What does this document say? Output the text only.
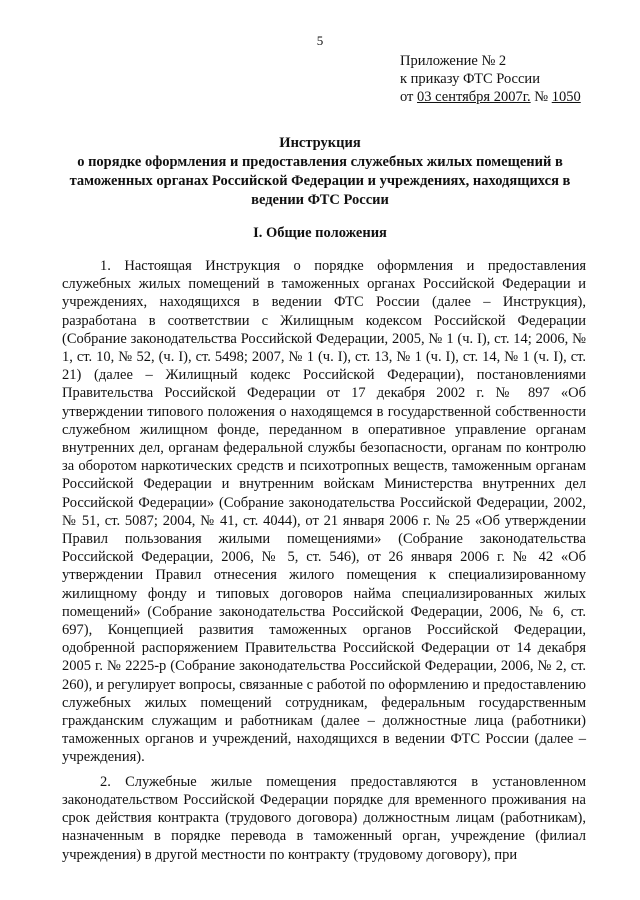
5
Приложение № 2
к приказу ФТС России
от 03 сентября 2007г. № 1050
Инструкция
о порядке оформления и предоставления служебных жилых помещений в таможенных органах Российской Федерации и учреждениях, находящихся в ведении ФТС России
I. Общие положения

1. Настоящая Инструкция о порядке оформления и предоставления служебных жилых помещений в таможенных органах Российской Федерации и учреждениях, находящихся в ведении ФТС России (далее – Инструкция), разработана в соответствии с Жилищным кодексом Российской Федерации (Собрание законодательства Российской Федерации, 2005, № 1 (ч. I), ст. 14; 2006, № 1, ст. 10, № 52, (ч. I), ст. 5498; 2007, № 1 (ч. I), ст. 13, № 1 (ч. I), ст. 14, № 1 (ч. I), ст. 21) (далее – Жилищный кодекс Российской Федерации), постановлениями Правительства Российской Федерации от 17 декабря 2002 г. № 897 «Об утверждении типового положения о находящемся в государственной собственности служебном жилищном фонде, переданном в оперативное управление органам внутренних дел, органам федеральной службы безопасности, органам по контролю за оборотом наркотических средств и психотропных веществ, таможенным органам Российской Федерации и внутренним войскам Министерства внутренних дел Российской Федерации» (Собрание законодательства Российской Федерации, 2002, № 51, ст. 5087; 2004, № 41, ст. 4044), от 21 января 2006 г. № 25 «Об утверждении Правил пользования жилыми помещениями» (Собрание законодательства Российской Федерации, 2006, № 5, ст. 546), от 26 января 2006 г. № 42 «Об утверждении Правил отнесения жилого помещения к специализированному жилищному фонду и типовых договоров найма специализированных жилых помещений» (Собрание законодательства Российской Федерации, 2006, № 6, ст. 697), Концепцией развития таможенных органов Российской Федерации, одобренной распоряжением Правительства Российской Федерации от 14 декабря 2005 г. № 2225-р (Собрание законодательства Российской Федерации, 2006, № 2, ст. 260), и регулирует вопросы, связанные с работой по оформлению и предоставлению служебных жилых помещений сотрудникам, федеральным государственным гражданским служащим и работникам (далее – должностные лица (работники) таможенных органов и учреждений, находящихся в ведении ФТС России (далее – учреждения).

2. Служебные жилые помещения предоставляются в установленном законодательством Российской Федерации порядке для временного проживания на срок действия контракта (трудового договора) должностным лицам (работникам), назначенным в порядке перевода в таможенный орган, учреждение (филиал учреждения) в другой местности по контракту (трудовому договору), при
